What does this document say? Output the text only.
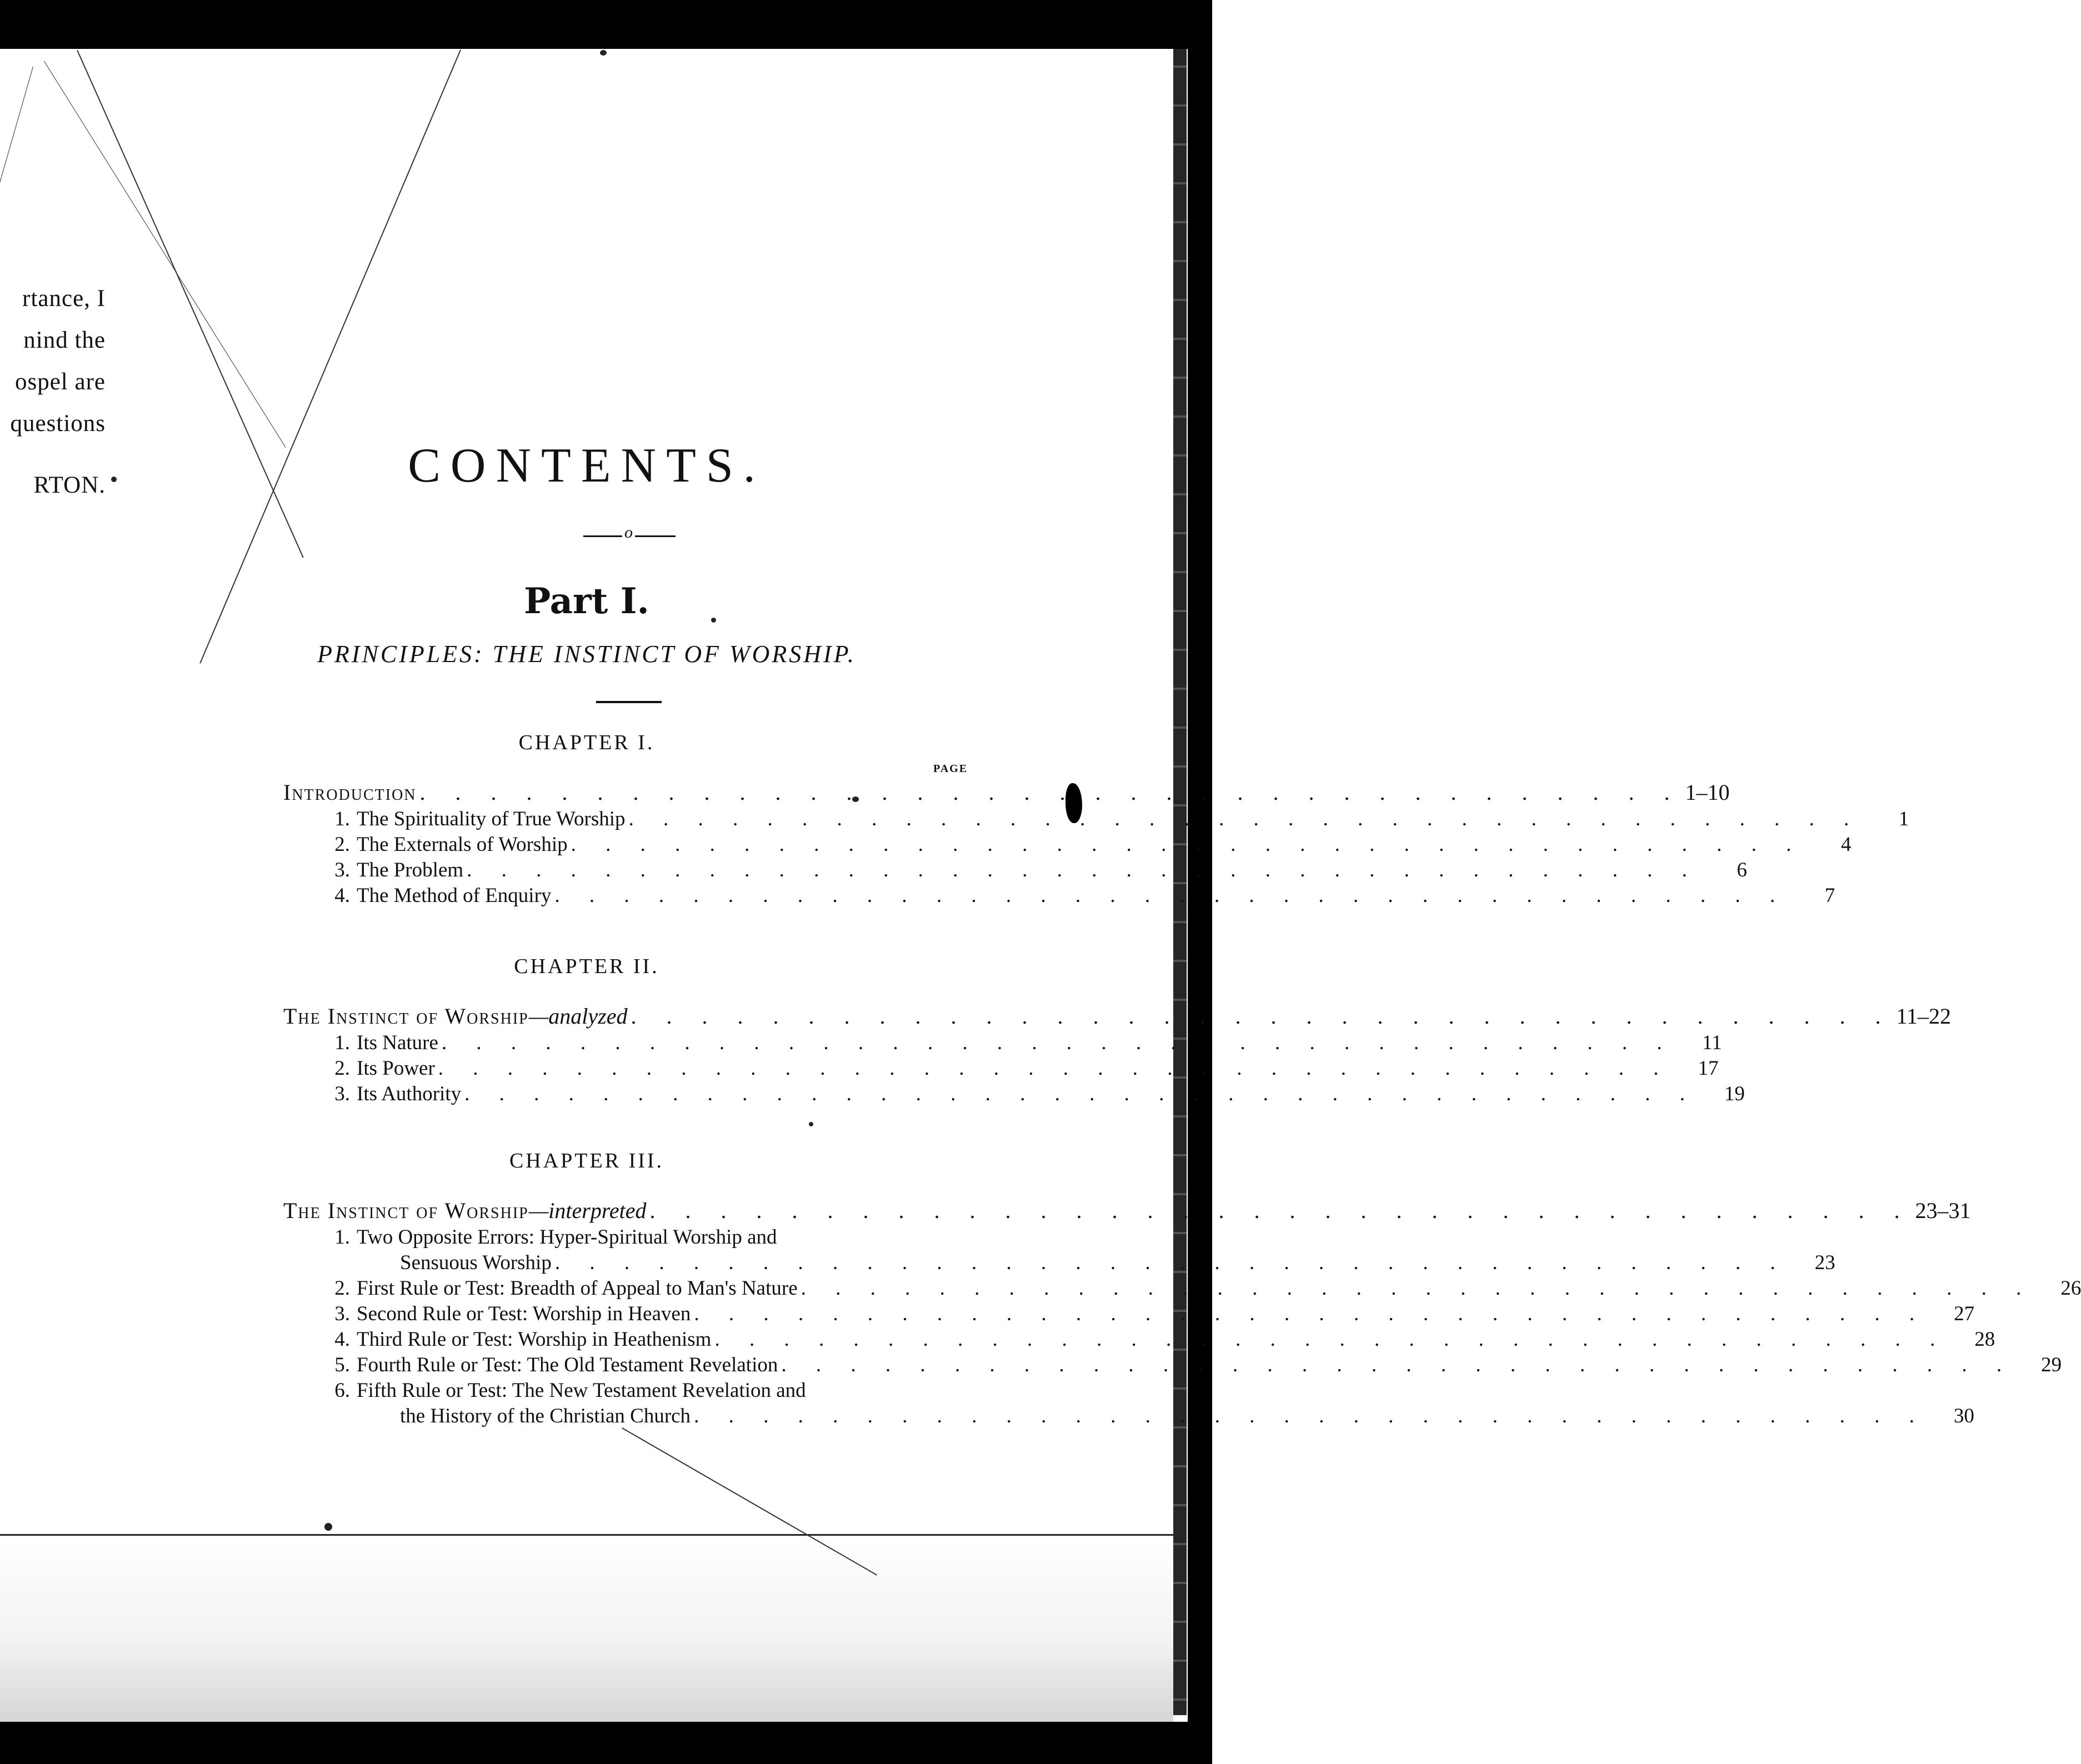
rtance, I
nind the
ospel are
questions
RTON.	CONTENTS.
o
Part I.
PRINCIPLES: THE INSTINCT OF WORSHIP.
PAGE
CHAPTER I.
Introduction . . . . . . . . . . . . . . . . . . . . . . . . . . . . . . . . . . . . 1–10
1. The Spirituality of True Worship . . . . . . . . . . . . . . . . . . . . . . . . . . . . . . . . . . . .	1
2. The Externals of Worship . . . . . . . . . . . . . . . . . . . . . . . . . . . . . . . . . . . .	4
3. The Problem . . . . . . . . . . . . . . . . . . . . . . . . . . . . . . . . . . . .	6
4. The Method of Enquiry . . . . . . . . . . . . . . . . . . . . . . . . . . . . . . . . . . . .	7
CHAPTER II.
The Instinct of Worship—analyzed . . . . . . . . . . . . . . . . . . . . . . . . . . . . . . . . . . . . 11–22
1. Its Nature . . . . . . . . . . . . . . . . . . . . . . . . . . . . . . . . . . . .	11
2. Its Power . . . . . . . . . . . . . . . . . . . . . . . . . . . . . . . . . . . .	17
3. Its Authority . . . . . . . . . . . . . . . . . . . . . . . . . . . . . . . . . . . .	19
CHAPTER III.
The Instinct of Worship—interpreted . . . . . . . . . . . . . . . . . . . . . . . . . . . . . . . . . . . . 23–31
1. Two Opposite Errors: Hyper-Spiritual Worship and
Sensuous Worship . . . . . . . . . . . . . . . . . . . . . . . . . . . . . . . . . . . .	23
2. First Rule or Test: Breadth of Appeal to Man's Nature . . . . . . . . . . . . . . . . . . . . . . . . . . . . . . . . . . . .	26
3. Second Rule or Test: Worship in Heaven . . . . . . . . . . . . . . . . . . . . . . . . . . . . . . . . . . . .	27
4. Third Rule or Test: Worship in Heathenism . . . . . . . . . . . . . . . . . . . . . . . . . . . . . . . . . . . .	28
5. Fourth Rule or Test: The Old Testament Revelation . . . . . . . . . . . . . . . . . . . . . . . . . . . . . . . . . . . .	29
6. Fifth Rule or Test: The New Testament Revelation and
the History of the Christian Church . . . . . . . . . . . . . . . . . . . . . . . . . . . . . . . . . . . .	30
